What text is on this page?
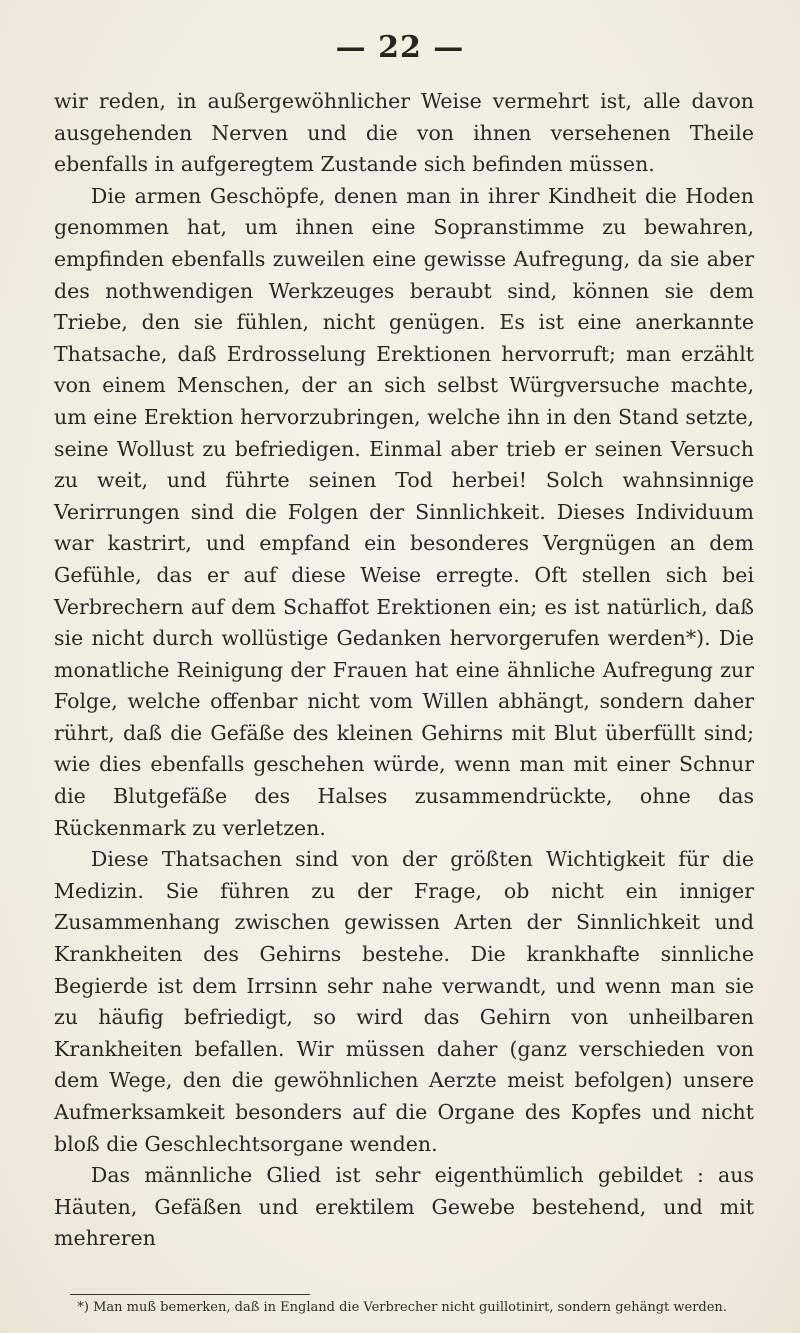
— 22 —

wir reden, in außergewöhnlicher Weise vermehrt ist, alle davon ausgehenden Nerven und die von ihnen versehenen Theile ebenfalls in aufgeregtem Zustande sich befinden müssen.

Die armen Geschöpfe, denen man in ihrer Kindheit die Hoden genommen hat, um ihnen eine Sopranstimme zu bewahren, empfinden ebenfalls zuweilen eine gewisse Aufregung, da sie aber des nothwendigen Werkzeuges beraubt sind, können sie dem Triebe, den sie fühlen, nicht genügen. Es ist eine anerkannte Thatsache, daß Erdrosselung Erektionen hervorruft; man erzählt von einem Menschen, der an sich selbst Würgversuche machte, um eine Erektion hervorzubringen, welche ihn in den Stand setzte, seine Wollust zu befriedigen. Einmal aber trieb er seinen Versuch zu weit, und führte seinen Tod herbei! Solch wahnsinnige Verirrungen sind die Folgen der Sinnlichkeit. Dieses Individuum war kastrirt, und empfand ein besonderes Vergnügen an dem Gefühle, das er auf diese Weise erregte. Oft stellen sich bei Verbrechern auf dem Schaffot Erektionen ein; es ist natürlich, daß sie nicht durch wollüstige Gedanken hervorgerufen werden*). Die monatliche Reinigung der Frauen hat eine ähnliche Aufregung zur Folge, welche offenbar nicht vom Willen abhängt, sondern daher rührt, daß die Gefäße des kleinen Gehirns mit Blut überfüllt sind; wie dies ebenfalls geschehen würde, wenn man mit einer Schnur die Blutgefäße des Halses zusammendrückte, ohne das Rückenmark zu verletzen.

Diese Thatsachen sind von der größten Wichtigkeit für die Medizin. Sie führen zu der Frage, ob nicht ein inniger Zusammenhang zwischen gewissen Arten der Sinnlichkeit und Krankheiten des Gehirns bestehe. Die krankhafte sinnliche Begierde ist dem Irrsinn sehr nahe verwandt, und wenn man sie zu häufig befriedigt, so wird das Gehirn von unheilbaren Krankheiten befallen. Wir müssen daher (ganz verschieden von dem Wege, den die gewöhnlichen Aerzte meist befolgen) unsere Aufmerksamkeit besonders auf die Organe des Kopfes und nicht bloß die Geschlechtsorgane wenden.

Das männliche Glied ist sehr eigenthümlich gebildet : aus Häuten, Gefäßen und erektilem Gewebe bestehend, und mit mehreren

*) Man muß bemerken, daß in England die Verbrecher nicht guillotinirt, sondern gehängt werden.
